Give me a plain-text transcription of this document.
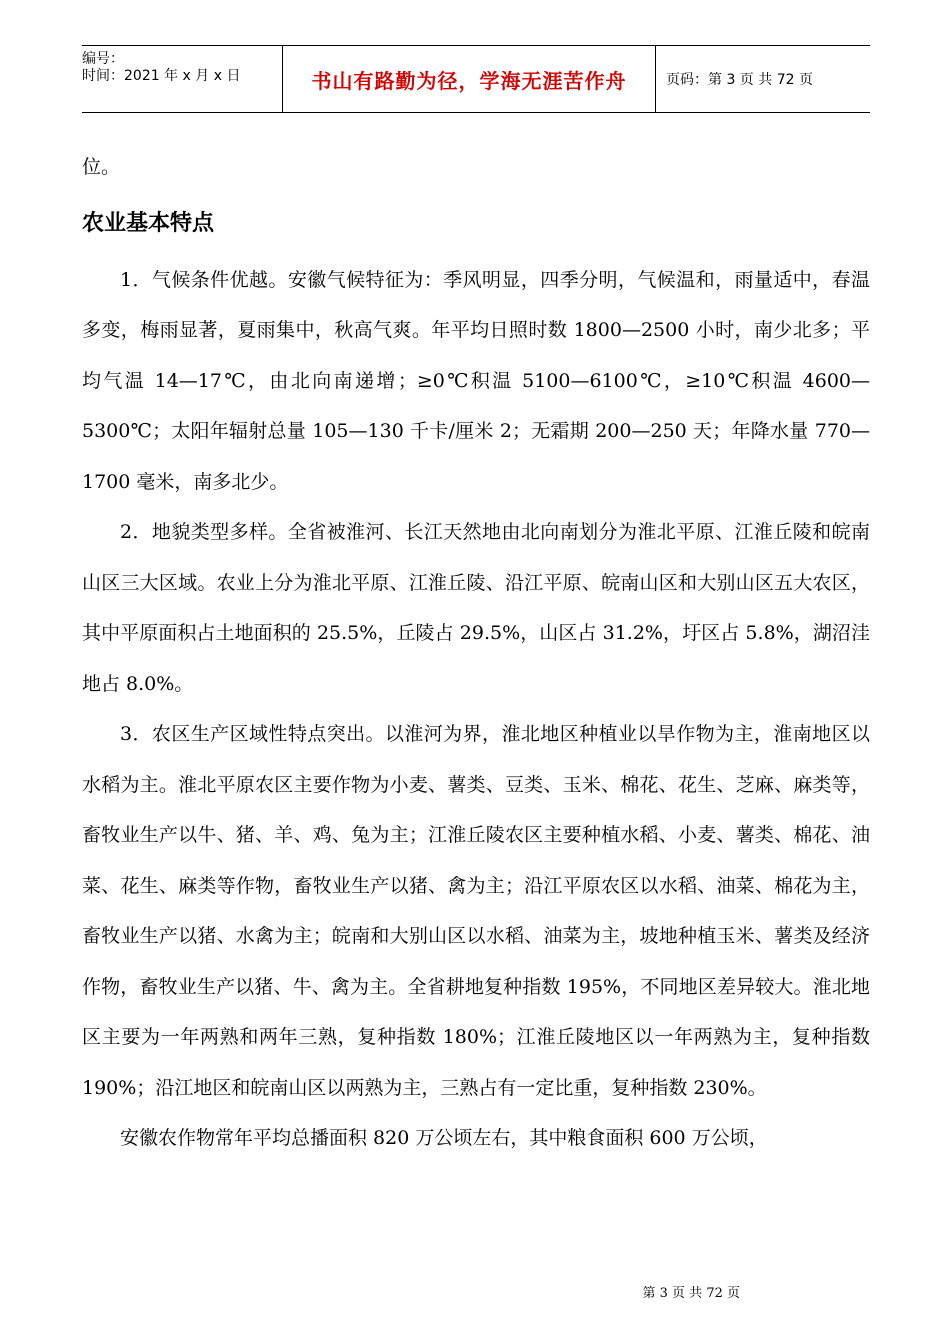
编号：
时间：2021 年 x 月 x 日	书山有路勤为径，学海无涯苦作舟	页码：第 3 页 共 72 页

位。

农业基本特点

1．气候条件优越。安徽气候特征为：季风明显，四季分明，气候温和，雨量适中，春温多变，梅雨显著，夏雨集中，秋高气爽。年平均日照时数 1800—2500 小时，南少北多；平均气温 14—17℃，由北向南递增；≥0℃积温 5100—6100℃，≥10℃积温 4600—5300℃；太阳年辐射总量 105—130 千卡/厘米 2；无霜期 200—250 天；年降水量 770—1700 毫米，南多北少。

2．地貌类型多样。全省被淮河、长江天然地由北向南划分为淮北平原、江淮丘陵和皖南山区三大区域。农业上分为淮北平原、江淮丘陵、沿江平原、皖南山区和大别山区五大农区，其中平原面积占土地面积的 25.5%，丘陵占 29.5%，山区占 31.2%，圩区占 5.8%，湖沼洼地占 8.0%。

3．农区生产区域性特点突出。以淮河为界，淮北地区种植业以旱作物为主，淮南地区以水稻为主。淮北平原农区主要作物为小麦、薯类、豆类、玉米、棉花、花生、芝麻、麻类等，畜牧业生产以牛、猪、羊、鸡、兔为主；江淮丘陵农区主要种植水稻、小麦、薯类、棉花、油菜、花生、麻类等作物，畜牧业生产以猪、禽为主；沿江平原农区以水稻、油菜、棉花为主，畜牧业生产以猪、水禽为主；皖南和大别山区以水稻、油菜为主，坡地种植玉米、薯类及经济作物，畜牧业生产以猪、牛、禽为主。全省耕地复种指数 195%，不同地区差异较大。淮北地区主要为一年两熟和两年三熟，复种指数 180%；江淮丘陵地区以一年两熟为主，复种指数 190%；沿江地区和皖南山区以两熟为主，三熟占有一定比重，复种指数 230%。

安徽农作物常年平均总播面积 820 万公顷左右，其中粮食面积 600 万公顷，

第 3 页 共 72 页
